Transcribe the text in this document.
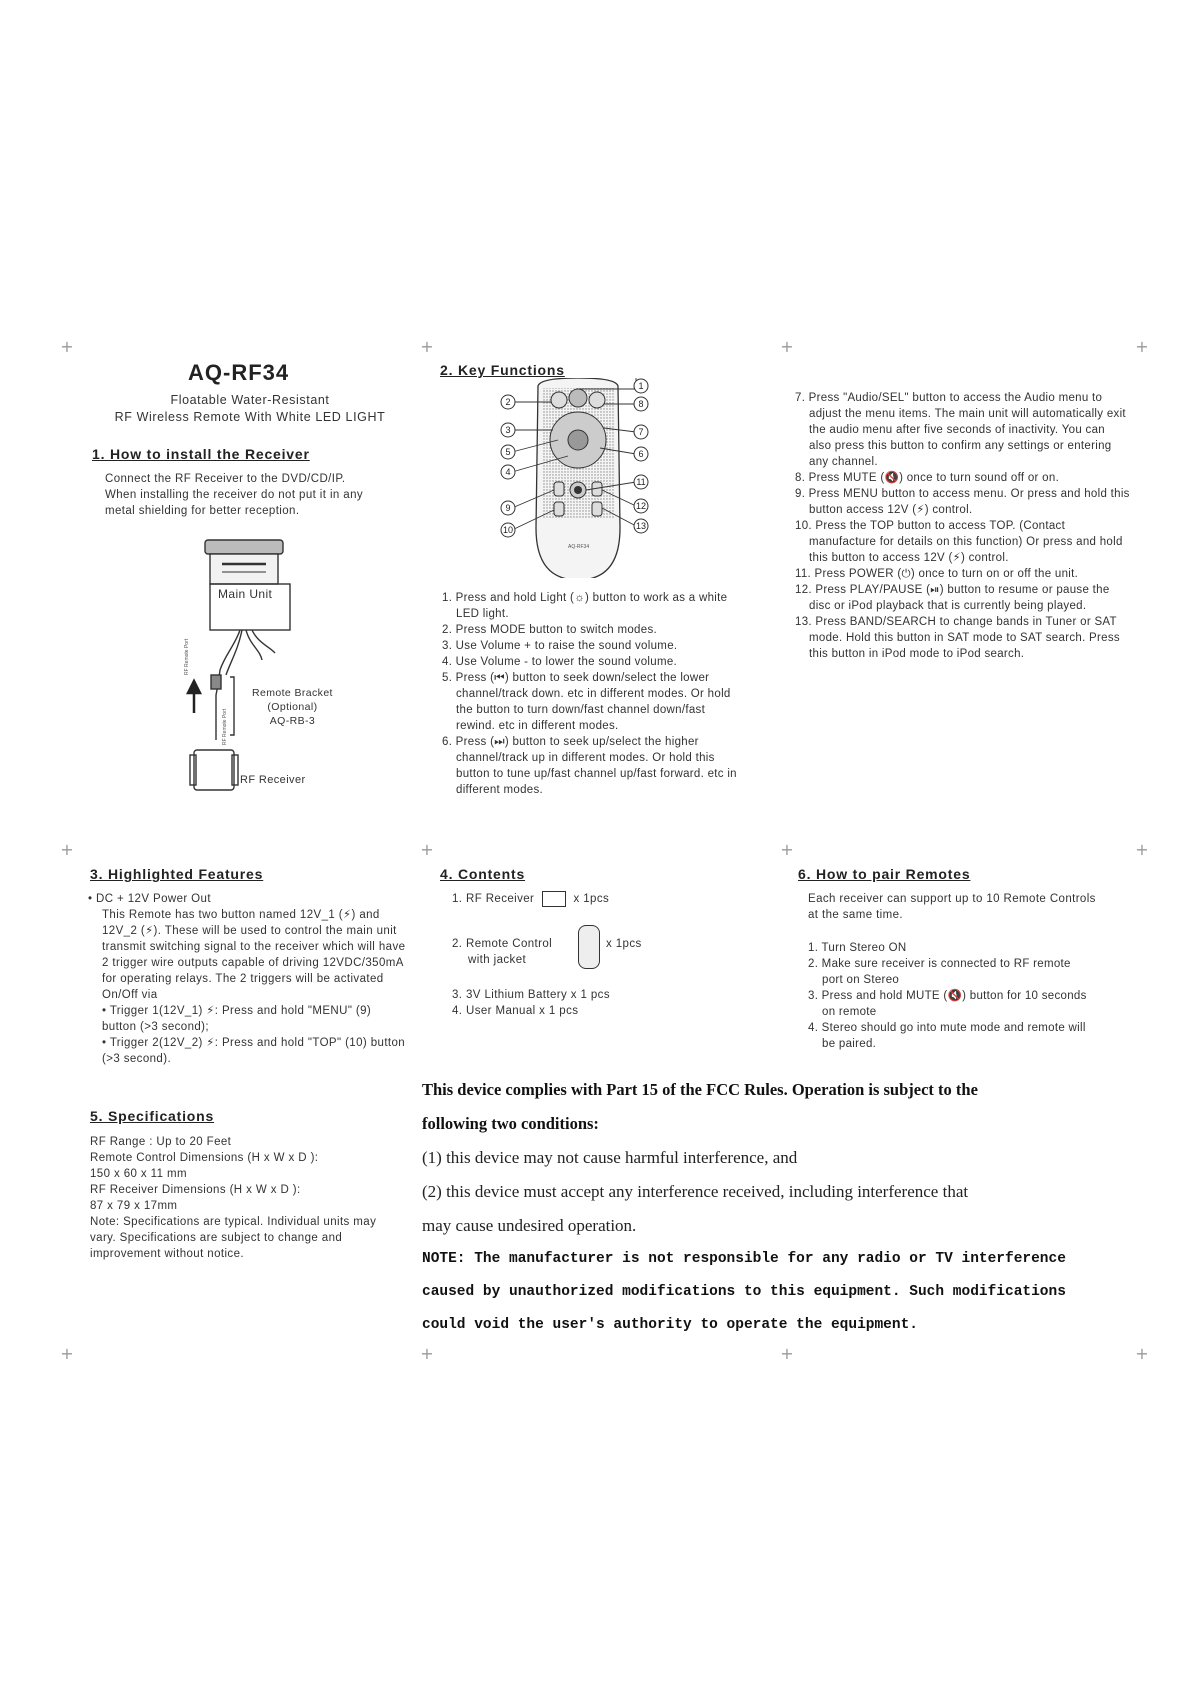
+	+	+	+
+	+	+	+
+	+	+	+
AQ-RF34
Floatable Water-Resistant
RF Wireless Remote With White LED LIGHT
1. How to install the Receiver

Connect the RF Receiver to the DVD/CD/IP.

When installing the receiver do not put it in any

metal shielding for better reception.

RF Remote Port
RF Remote Port
Main Unit
Remote Bracket
(Optional)
AQ-RB-3
RF Receiver
2. Key Functions
AQ-RF34
2
3
5
4
9
10
1
8
7
6
11
12
13
1. Press and hold Light (☼) button to work as a white LED light.
2. Press MODE button to switch modes.
3. Use Volume + to raise the sound volume.
4. Use Volume - to lower the sound volume.
5. Press (⏮) button to seek down/select the lower channel/track down. etc in different modes. Or hold the button to turn down/fast channel down/fast rewind. etc in different modes.
6. Press (⏭) button to seek up/select the higher channel/track up in different modes. Or hold this button to tune up/fast channel up/fast forward. etc in different modes.
7. Press "Audio/SEL" button to access the Audio menu to adjust the menu items. The main unit will automatically exit the audio menu after five seconds of inactivity. You can also press this button to confirm any settings or entering any channel.
8. Press MUTE (🔇) once to turn sound off or on.
9. Press MENU button to access menu. Or press and hold this button access 12V (⚡) control.
10. Press the TOP button to access TOP. (Contact manufacture for details on this function) Or press and hold this button to access 12V (⚡) control.
11. Press POWER (⏻) once to turn on or off the unit.
12. Press PLAY/PAUSE (⏯) button to resume or pause the disc or iPod playback that is currently being played.
13. Press BAND/SEARCH to change bands in Tuner or SAT mode. Hold this button in SAT mode to SAT search. Press this button in iPod mode to iPod search.
3. Highlighted Features

• DC + 12V Power Out

This Remote has two button named 12V_1 (⚡) and 12V_2 (⚡). These will be used to control the main unit transmit switching signal to the receiver which will have 2 trigger wire outputs capable of driving 12VDC/350mA for operating relays. The 2 triggers will be activated On/Off via

• Trigger 1(12V_1) ⚡: Press and hold "MENU" (9) button (>3 second);

• Trigger 2(12V_2) ⚡: Press and hold "TOP" (10) button (>3 second).

4. Contents
1. RF Receiver	x 1pcs
2. Remote Control
with jacket
x 1pcs
3. 3V Lithium Battery x 1 pcs
4. User Manual x 1 pcs
6. How to pair Remotes
Each receiver can support up to 10 Remote Controls at the same time.
1. Turn Stereo ON
2. Make sure receiver is connected to RF remote port on Stereo
3. Press and hold MUTE (🔇) button for 10 seconds on remote
4. Stereo should go into mute mode and remote will be paired.
5. Specifications

RF Range : Up to 20 Feet

Remote Control Dimensions (H x W x D ):

150 x 60 x 11 mm

RF Receiver Dimensions (H x W x D ):

87 x 79 x 17mm

Note: Specifications are typical. Individual units may vary. Specifications are subject to change and improvement without notice.

This device complies with Part 15 of the FCC Rules. Operation is subject to the
following two conditions:
(1) this device may not cause harmful interference, and
(2) this device must accept any interference received, including interference that
may cause undesired operation.
NOTE: The manufacturer is not responsible for any radio or TV interference
caused by unauthorized modifications to this equipment. Such modifications
could void the user's authority to operate the equipment.
